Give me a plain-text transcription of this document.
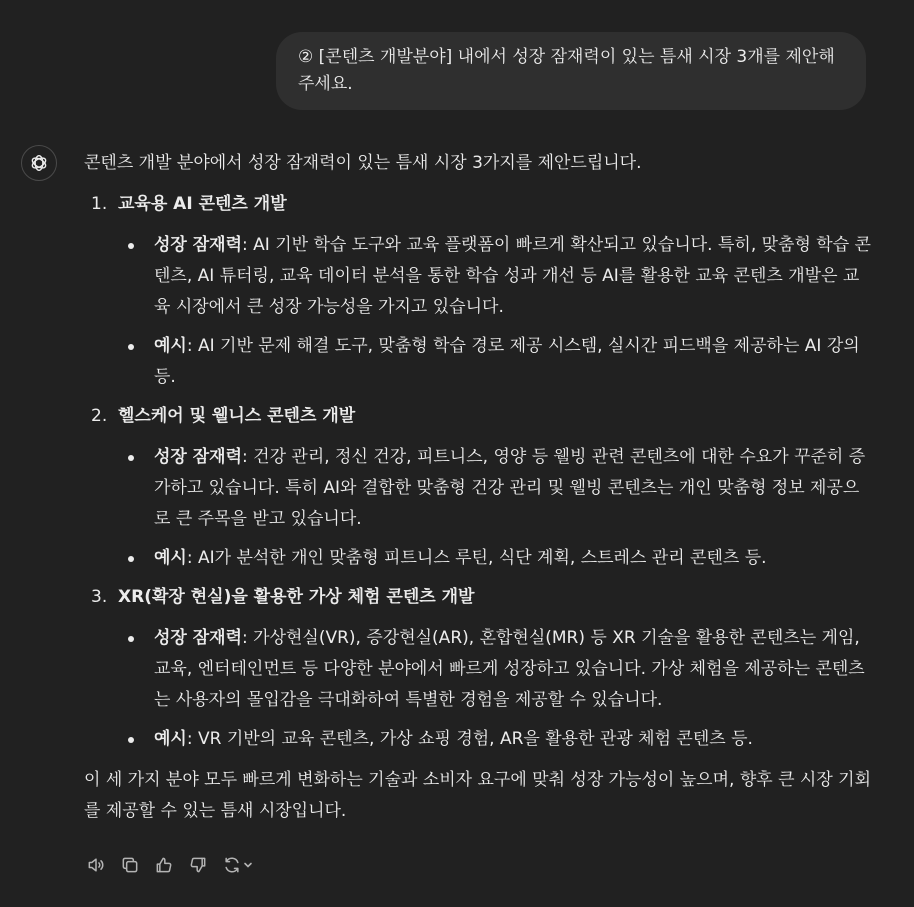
② [콘텐츠 개발분야] 내에서 성장 잠재력이 있는 틈새 시장 3개를 제안해 주세요.

콘텐츠 개발 분야에서 성장 잠재력이 있는 틈새 시장 3가지를 제안드립니다.

1. 교육용 AI 콘텐츠 개발
성장 잠재력: AI 기반 학습 도구와 교육 플랫폼이 빠르게 확산되고 있습니다. 특히, 맞춤형 학습 콘텐츠, AI 튜터링, 교육 데이터 분석을 통한 학습 성과 개선 등 AI를 활용한 교육 콘텐츠 개발은 교육 시장에서 큰 성장 가능성을 가지고 있습니다.
예시: AI 기반 문제 해결 도구, 맞춤형 학습 경로 제공 시스템, 실시간 피드백을 제공하는 AI 강의 등.
2. 헬스케어 및 웰니스 콘텐츠 개발
성장 잠재력: 건강 관리, 정신 건강, 피트니스, 영양 등 웰빙 관련 콘텐츠에 대한 수요가 꾸준히 증가하고 있습니다. 특히 AI와 결합한 맞춤형 건강 관리 및 웰빙 콘텐츠는 개인 맞춤형 정보 제공으로 큰 주목을 받고 있습니다.
예시: AI가 분석한 개인 맞춤형 피트니스 루틴, 식단 계획, 스트레스 관리 콘텐츠 등.
3. XR(확장 현실)을 활용한 가상 체험 콘텐츠 개발
성장 잠재력: 가상현실(VR), 증강현실(AR), 혼합현실(MR) 등 XR 기술을 활용한 콘텐츠는 게임, 교육, 엔터테인먼트 등 다양한 분야에서 빠르게 성장하고 있습니다. 가상 체험을 제공하는 콘텐츠는 사용자의 몰입감을 극대화하여 특별한 경험을 제공할 수 있습니다.
예시: VR 기반의 교육 콘텐츠, 가상 쇼핑 경험, AR을 활용한 관광 체험 콘텐츠 등.

이 세 가지 분야 모두 빠르게 변화하는 기술과 소비자 요구에 맞춰 성장 가능성이 높으며, 향후 큰 시장 기회를 제공할 수 있는 틈새 시장입니다.
